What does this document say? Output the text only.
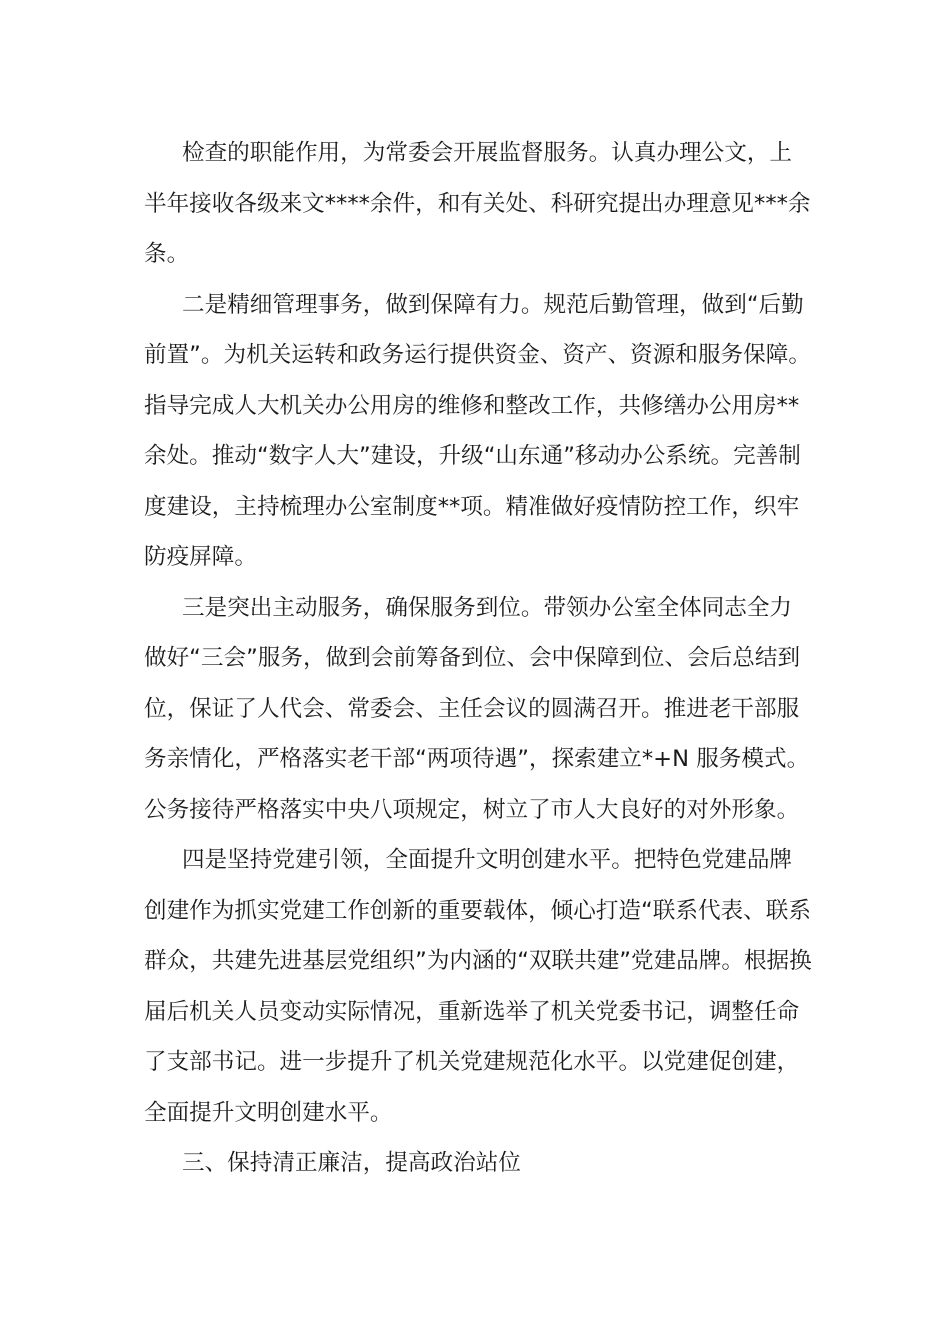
检查的职能作用，为常委会开展监督服务。认真办理公文，上
半年接收各级来文****余件，和有关处、科研究提出办理意见***余
条。

二是精细管理事务，做到保障有力。规范后勤管理，做到“后勤
前置”。为机关运转和政务运行提供资金、资产、资源和服务保障。
指导完成人大机关办公用房的维修和整改工作，共修缮办公用房**
余处。推动“数字人大”建设，升级“山东通”移动办公系统。完善制
度建设，主持梳理办公室制度**项。精准做好疫情防控工作，织牢
防疫屏障。

三是突出主动服务，确保服务到位。带领办公室全体同志全力
做好“三会”服务，做到会前筹备到位、会中保障到位、会后总结到
位，保证了人代会、常委会、主任会议的圆满召开。推进老干部服
务亲情化，严格落实老干部“两项待遇”，探索建立*+N 服务模式。
公务接待严格落实中央八项规定，树立了市人大良好的对外形象。

四是坚持党建引领，全面提升文明创建水平。把特色党建品牌
创建作为抓实党建工作创新的重要载体，倾心打造“联系代表、联系
群众，共建先进基层党组织”为内涵的“双联共建”党建品牌。根据换
届后机关人员变动实际情况，重新选举了机关党委书记，调整任命
了支部书记。进一步提升了机关党建规范化水平。以党建促创建，
全面提升文明创建水平。

三、保持清正廉洁，提高政治站位
